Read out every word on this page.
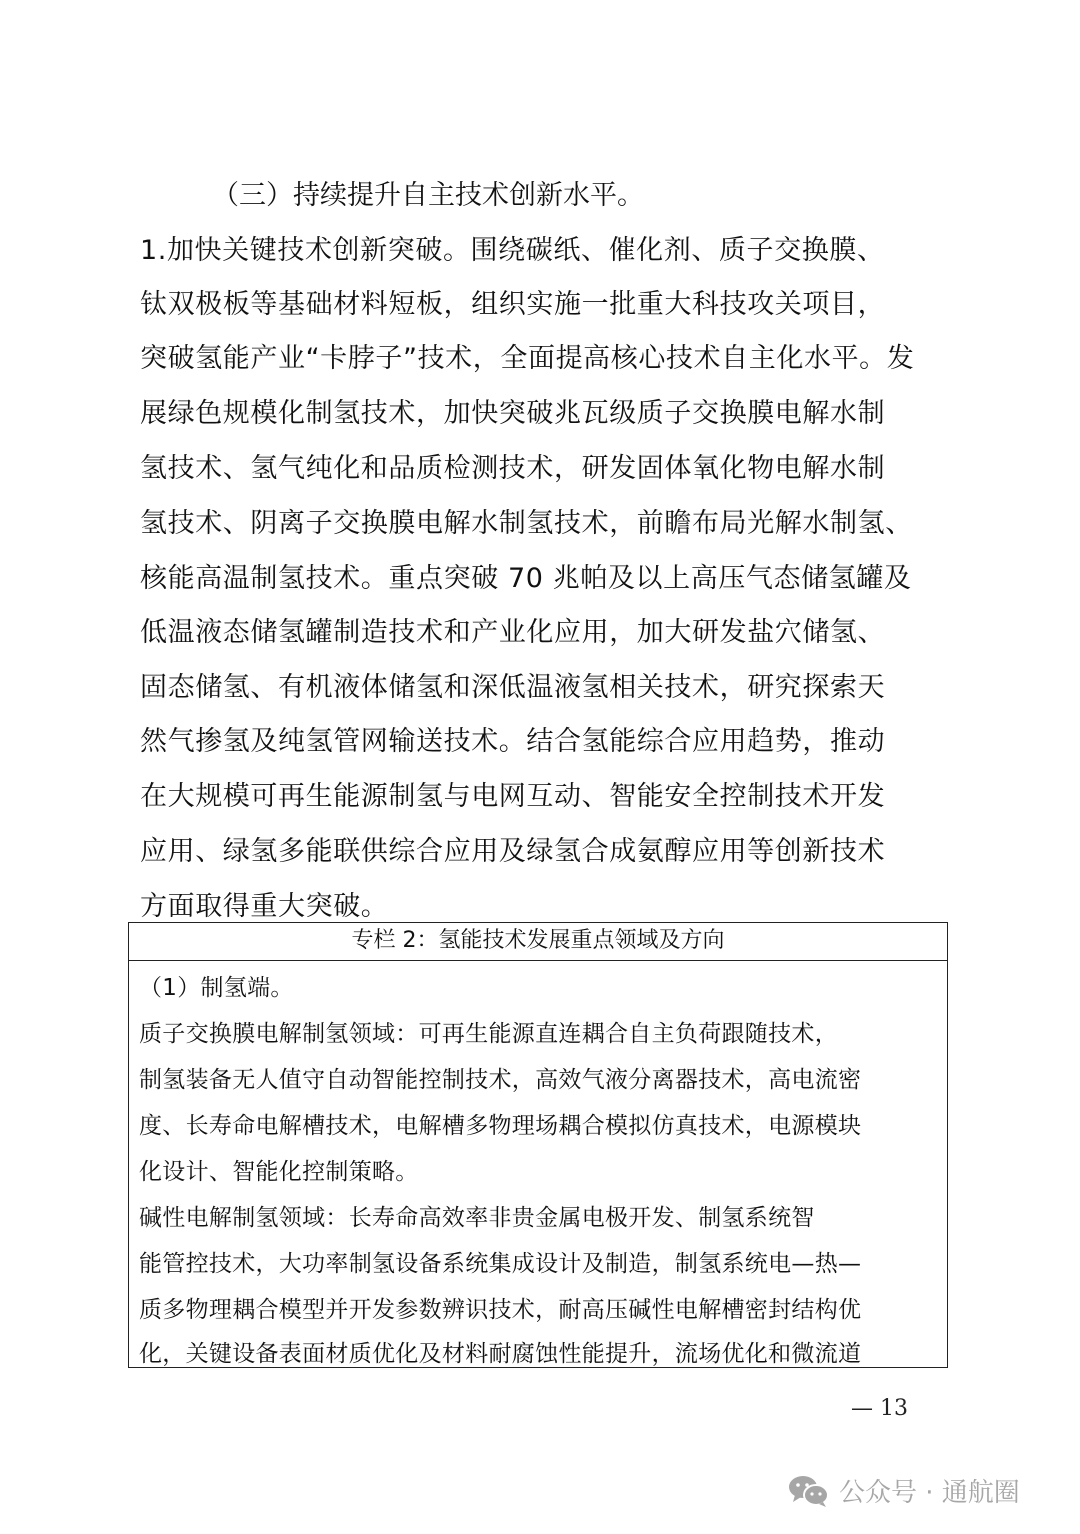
（三）持续提升自主技术创新水平。
1.加快关键技术创新突破。围绕碳纸、催化剂、质子交换膜、
钛双极板等基础材料短板，组织实施一批重大科技攻关项目，
突破氢能产业“卡脖子”技术，全面提高核心技术自主化水平。发
展绿色规模化制氢技术，加快突破兆瓦级质子交换膜电解水制
氢技术、氢气纯化和品质检测技术，研发固体氧化物电解水制
氢技术、阴离子交换膜电解水制氢技术，前瞻布局光解水制氢、
核能高温制氢技术。重点突破 70 兆帕及以上高压气态储氢罐及
低温液态储氢罐制造技术和产业化应用，加大研发盐穴储氢、
固态储氢、有机液体储氢和深低温液氢相关技术，研究探索天
然气掺氢及纯氢管网输送技术。结合氢能综合应用趋势，推动
在大规模可再生能源制氢与电网互动、智能安全控制技术开发
应用、绿氢多能联供综合应用及绿氢合成氨醇应用等创新技术
方面取得重大突破。
专栏 2：氢能技术发展重点领域及方向
（1）制氢端。
质子交换膜电解制氢领域：可再生能源直连耦合自主负荷跟随技术，
制氢装备无人值守自动智能控制技术，高效气液分离器技术，高电流密
度、长寿命电解槽技术，电解槽多物理场耦合模拟仿真技术，电源模块
化设计、智能化控制策略。
碱性电解制氢领域：长寿命高效率非贵金属电极开发、制氢系统智
能管控技术，大功率制氢设备系统集成设计及制造，制氢系统电—热—
质多物理耦合模型并开发参数辨识技术，耐高压碱性电解槽密封结构优
化，关键设备表面材质优化及材料耐腐蚀性能提升，流场优化和微流道
— 13
公众号 · 通航圈
